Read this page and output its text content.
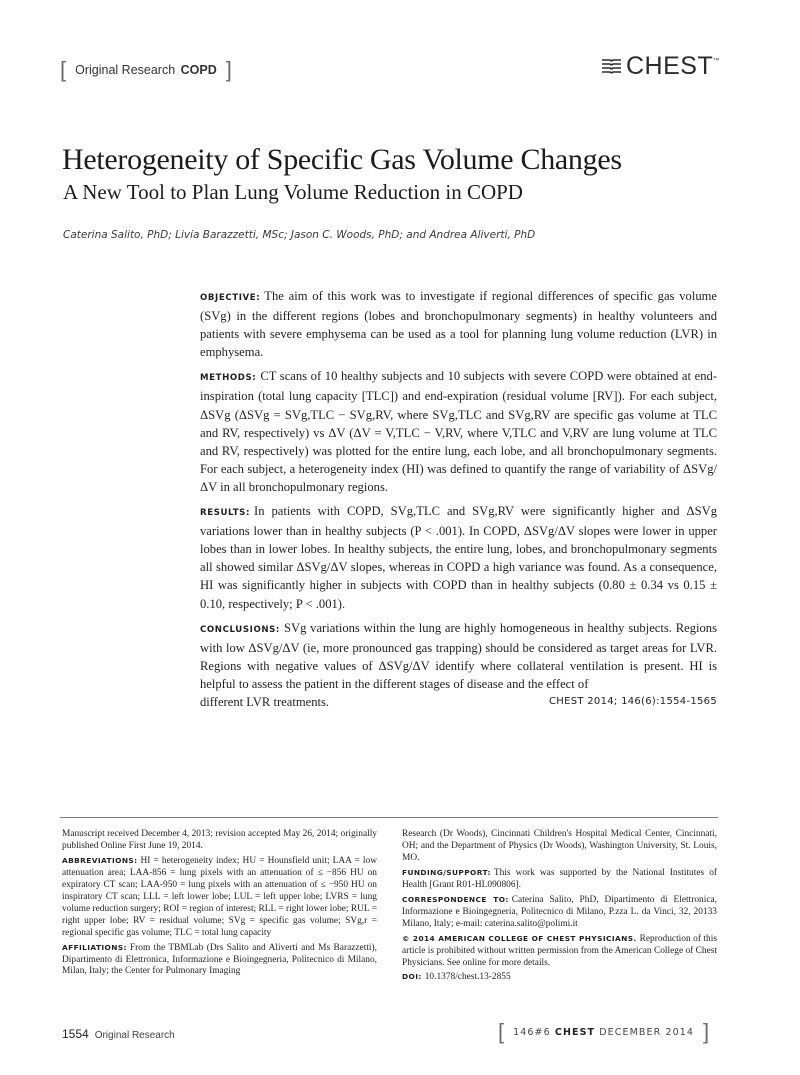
[ Original Research COPD ]	CHEST ™
Heterogeneity of Specific Gas Volume Changes
A New Tool to Plan Lung Volume Reduction in COPD
Caterina Salito, PhD; Livia Barazzetti, MSc; Jason C. Woods, PhD; and Andrea Aliverti, PhD

OBJECTIVE: The aim of this work was to investigate if regional differences of specific gas volume (SVg) in the different regions (lobes and bronchopulmonary segments) in healthy volunteers and patients with severe emphysema can be used as a tool for planning lung volume reduction (LVR) in emphysema.

METHODS: CT scans of 10 healthy subjects and 10 subjects with severe COPD were obtained at end-inspiration (total lung capacity [TLC]) and end-expiration (residual volume [RV]). For each subject, ΔSVg (ΔSVg = SVg,TLC − SVg,RV, where SVg,TLC and SVg,RV are specific gas volume at TLC and RV, respectively) vs ΔV (ΔV = V,TLC − V,RV, where V,TLC and V,RV are lung volume at TLC and RV, respectively) was plotted for the entire lung, each lobe, and all bronchopulmonary segments. For each subject, a heterogeneity index (HI) was defined to quantify the range of variability of ΔSVg/ΔV in all bronchopulmonary regions.

RESULTS: In patients with COPD, SVg,TLC and SVg,RV were significantly higher and ΔSVg variations lower than in healthy subjects (P < .001). In COPD, ΔSVg/ΔV slopes were lower in upper lobes than in lower lobes. In healthy subjects, the entire lung, lobes, and bronchopulmonary segments all showed similar ΔSVg/ΔV slopes, whereas in COPD a high variance was found. As a consequence, HI was significantly higher in subjects with COPD than in healthy subjects (0.80 ± 0.34 vs 0.15 ± 0.10, respectively; P < .001).

CONCLUSIONS: SVg variations within the lung are highly homogeneous in healthy subjects. Regions with low ΔSVg/ΔV (ie, more pronounced gas trapping) should be considered as target areas for LVR. Regions with negative values of ΔSVg/ΔV identify where collateral ventilation is present. HI is helpful to assess the patient in the different stages of disease and the effect of

different LVR treatments.	CHEST 2014; 146(6):1554-1565

Manuscript received December 4, 2013; revision accepted May 26, 2014; originally published Online First June 19, 2014.

ABBREVIATIONS: HI = heterogeneity index; HU = Hounsfield unit; LAA = low attenuation area; LAA-856 = lung pixels with an attenuation of ≤ −856 HU on expiratory CT scan; LAA-950 = lung pixels with an attenuation of ≤ −950 HU on inspiratory CT scan; LLL = left lower lobe; LUL = left upper lobe; LVRS = lung volume reduction surgery; ROI = region of interest; RLL = right lower lobe; RUL = right upper lobe; RV = residual volume; SVg = specific gas volume; SVg,r = regional specific gas volume; TLC = total lung capacity

AFFILIATIONS: From the TBMLab (Drs Salito and Aliverti and Ms Barazzetti), Dipartimento di Elettronica, Informazione e Bioingegneria, Politecnico di Milano, Milan, Italy; the Center for Pulmonary Imaging

Research (Dr Woods), Cincinnati Children's Hospital Medical Center, Cincinnati, OH; and the Department of Physics (Dr Woods), Washington University, St. Louis, MO.

FUNDING/SUPPORT: This work was supported by the National Institutes of Health [Grant R01-HL090806].

CORRESPONDENCE TO: Caterina Salito, PhD, Dipartimento di Elettronica, Informazione e Bioingegneria, Politecnico di Milano, P.zza L. da Vinci, 32, 20133 Milano, Italy; e-mail: caterina.salito@polimi.it

© 2014 AMERICAN COLLEGE OF CHEST PHYSICIANS. Reproduction of this article is prohibited without written permission from the American College of Chest Physicians. See online for more details.

DOI: 10.1378/chest.13-2855

1554 Original Research	[ 146#6 CHEST DECEMBER 2014 ]
